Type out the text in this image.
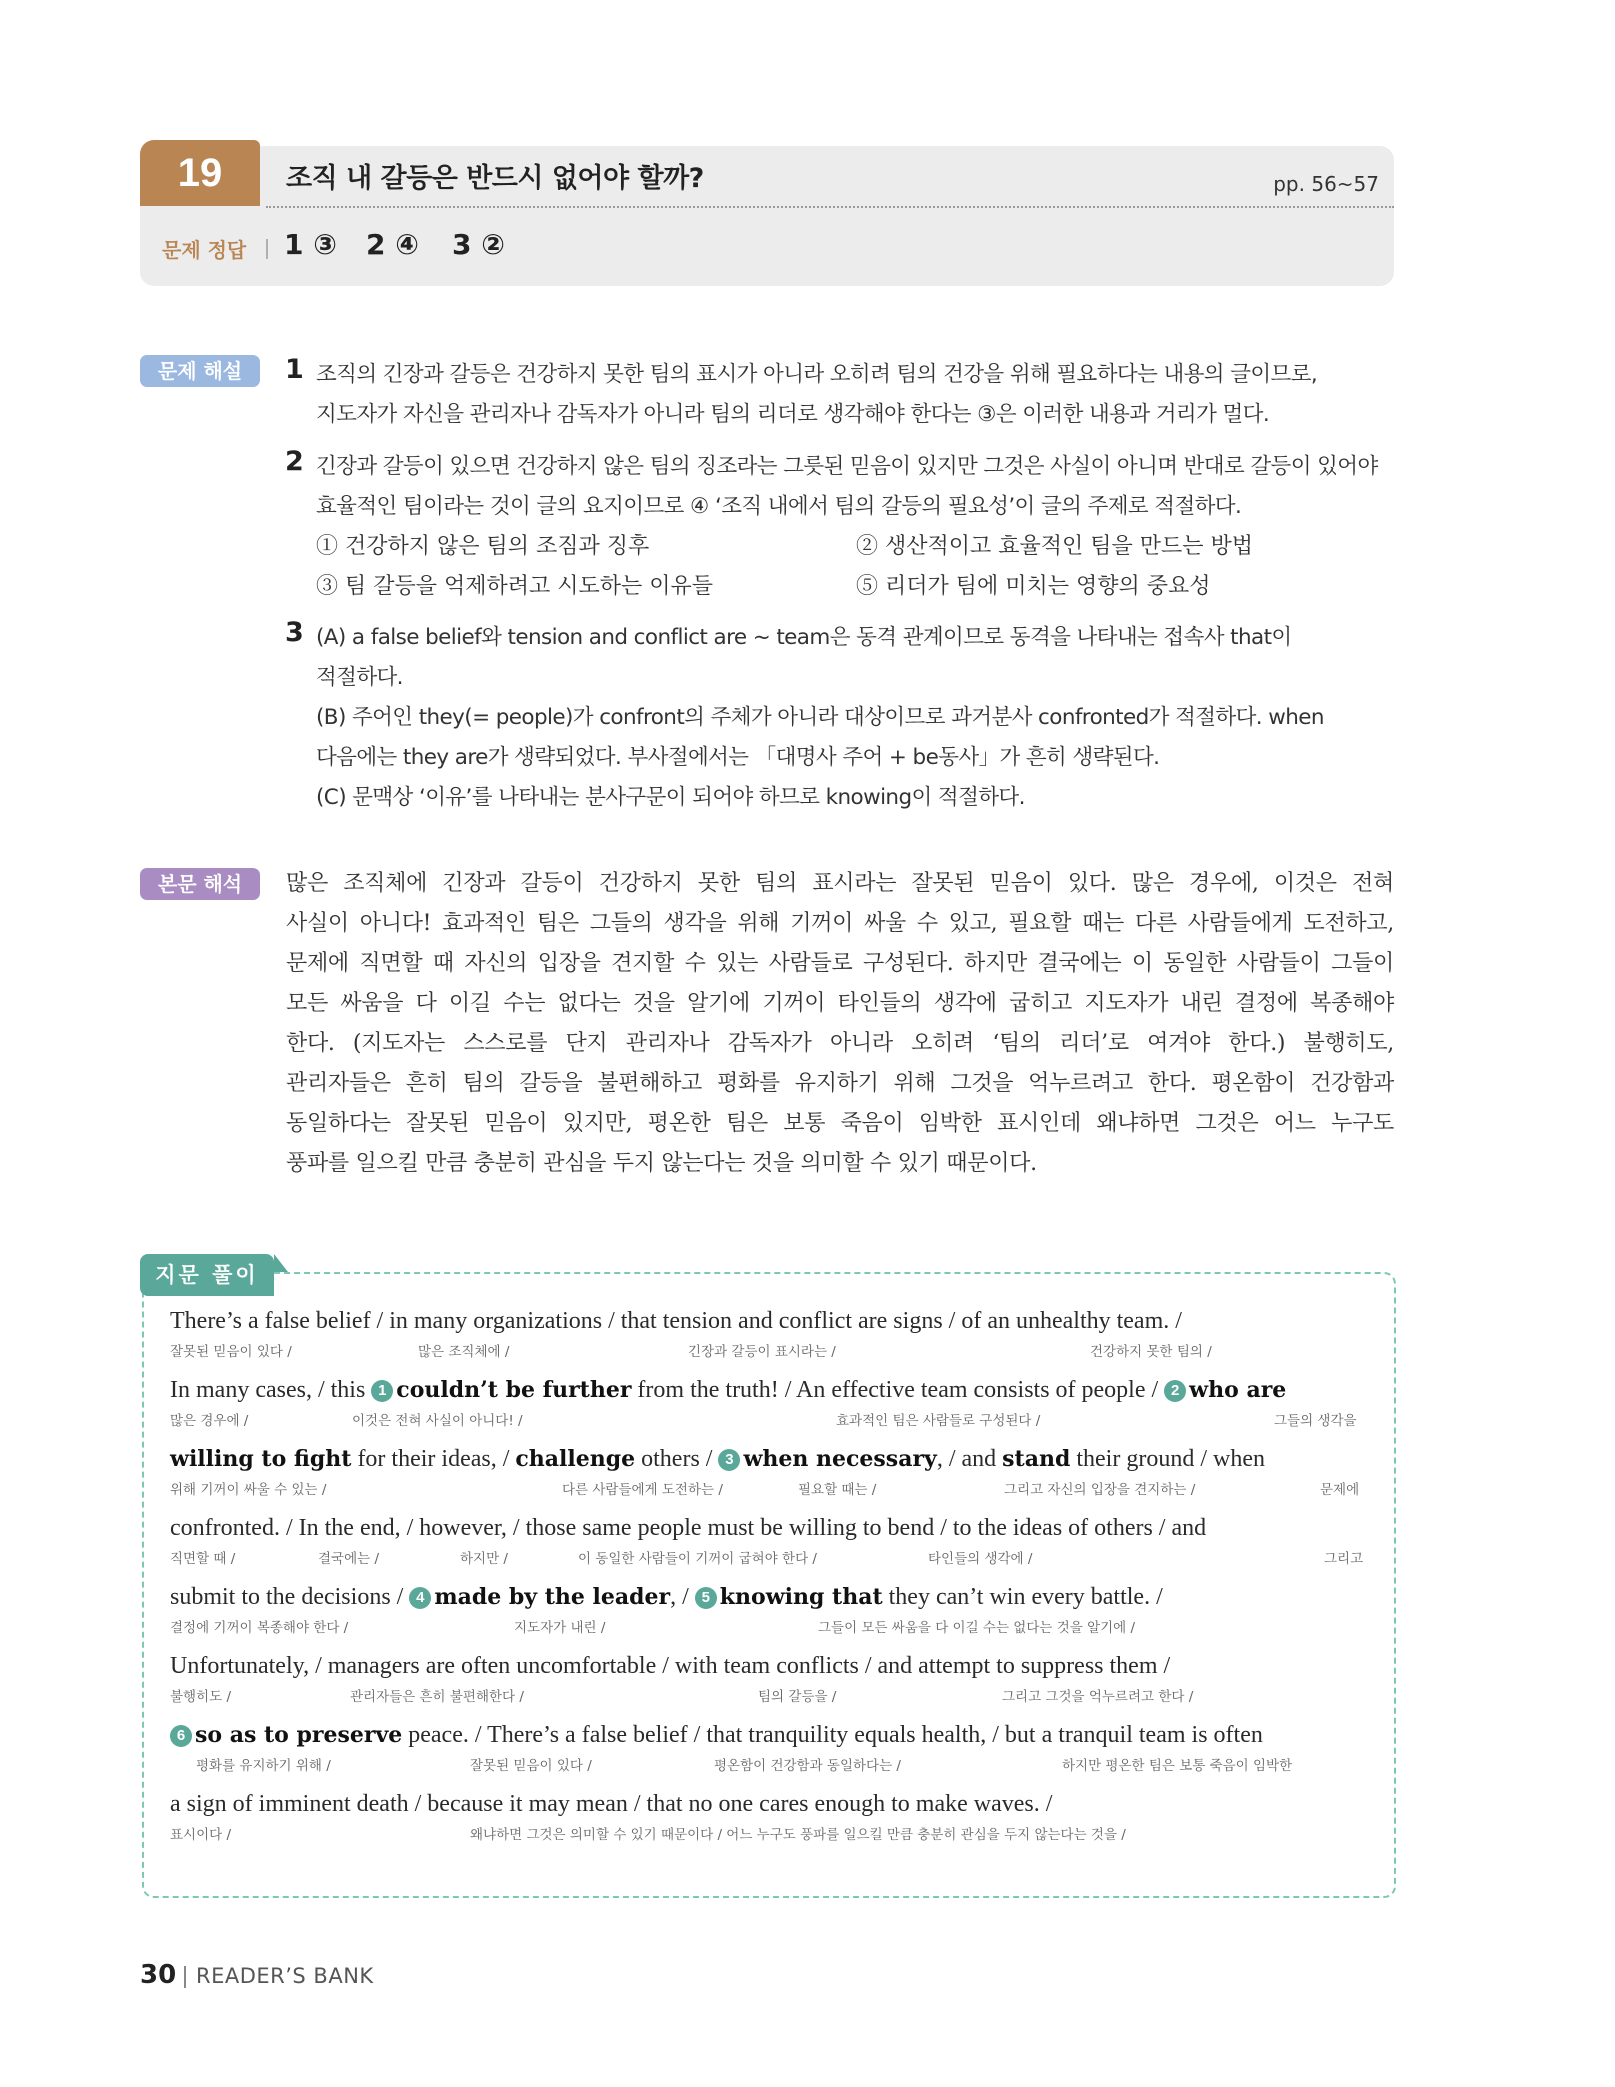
19	조직 내 갈등은 반드시 없어야 할까?	pp. 56~57
문제 정답 1 ③ 2 ④ 3 ②
문제 해설	1 조직의 긴장과 갈등은 건강하지 못한 팀의 표시가 아니라 오히려 팀의 건강을 위해 필요하다는 내용의 글이므로,
지도자가 자신을 관리자나 감독자가 아니라 팀의 리더로 생각해야 한다는 ③은 이러한 내용과 거리가 멀다.
2 긴장과 갈등이 있으면 건강하지 않은 팀의 징조라는 그릇된 믿음이 있지만 그것은 사실이 아니며 반대로 갈등이 있어야
효율적인 팀이라는 것이 글의 요지이므로 ④ ‘조직 내에서 팀의 갈등의 필요성’이 글의 주제로 적절하다.
① 건강하지 않은 팀의 조짐과 징후	② 생산적이고 효율적인 팀을 만드는 방법
③ 팀 갈등을 억제하려고 시도하는 이유들	⑤ 리더가 팀에 미치는 영향의 중요성
3 (A) a false belief와 tension and conflict are ~ team은 동격 관계이므로 동격을 나타내는 접속사 that이
적절하다.
(B) 주어인 they(= people)가 confront의 주체가 아니라 대상이므로 과거분사 confronted가 적절하다. when
다음에는 they are가 생략되었다. 부사절에서는 「대명사 주어 + be동사」가 흔히 생략된다.
(C) 문맥상 ‘이유’를 나타내는 분사구문이 되어야 하므로 knowing이 적절하다.
본문 해석	많은 조직체에 긴장과 갈등이 건강하지 못한 팀의 표시라는 잘못된 믿음이 있다. 많은 경우에, 이것은 전혀
사실이 아니다! 효과적인 팀은 그들의 생각을 위해 기꺼이 싸울 수 있고, 필요할 때는 다른 사람들에게 도전하고,
문제에 직면할 때 자신의 입장을 견지할 수 있는 사람들로 구성된다. 하지만 결국에는 이 동일한 사람들이 그들이
모든 싸움을 다 이길 수는 없다는 것을 알기에 기꺼이 타인들의 생각에 굽히고 지도자가 내린 결정에 복종해야
한다. (지도자는 스스로를 단지 관리자나 감독자가 아니라 오히려 ‘팀의 리더’로 여겨야 한다.) 불행히도,
관리자들은 흔히 팀의 갈등을 불편해하고 평화를 유지하기 위해 그것을 억누르려고 한다. 평온함이 건강함과
동일하다는 잘못된 믿음이 있지만, 평온한 팀은 보통 죽음이 임박한 표시인데 왜냐하면 그것은 어느 누구도
풍파를 일으킬 만큼 충분히 관심을 두지 않는다는 것을 의미할 수 있기 때문이다.
지문 풀이
There’s a false belief / in many organizations / that tension and conflict are signs / of an unhealthy team. /
잘못된 믿음이 있다 /	많은 조직체에 /	긴장과 갈등이 표시라는 /	건강하지 못한 팀의 /
In many cases, / this 1 couldn’t be further from the truth! / An effective team consists of people / 2 who are
많은 경우에 /	이것은 전혀 사실이 아니다! /	효과적인 팀은 사람들로 구성된다 /	그들의 생각을
willing to fight for their ideas, / challenge others / 3 when necessary, / and stand their ground / when
위해 기꺼이 싸울 수 있는 /	다른 사람들에게 도전하는 /	필요할 때는 /	그리고 자신의 입장을 견지하는 /	문제에
confronted. / In the end, / however, / those same people must be willing to bend / to the ideas of others / and
직면할 때 /	결국에는 /	하지만 /	이 동일한 사람들이 기꺼이 굽혀야 한다 /	타인들의 생각에 /	그리고
submit to the decisions / 4 made by the leader, / 5 knowing that they can’t win every battle. /
결정에 기꺼이 복종해야 한다 /	지도자가 내린 /	그들이 모든 싸움을 다 이길 수는 없다는 것을 알기에 /
Unfortunately, / managers are often uncomfortable / with team conflicts / and attempt to suppress them /
불행히도 /	관리자들은 흔히 불편해한다 /	팀의 갈등을 /	그리고 그것을 억누르려고 한다 /
6 so as to preserve peace. / There’s a false belief / that tranquility equals health, / but a tranquil team is often
평화를 유지하기 위해 /	잘못된 믿음이 있다 /	평온함이 건강함과 동일하다는 /	하지만 평온한 팀은 보통 죽음이 임박한
a sign of imminent death / because it may mean / that no one cares enough to make waves. /
표시이다 /	왜냐하면 그것은 의미할 수 있기 때문이다 / 어느 누구도 풍파를 일으킬 만큼 충분히 관심을 두지 않는다는 것을 /
30 READER’S BANK
